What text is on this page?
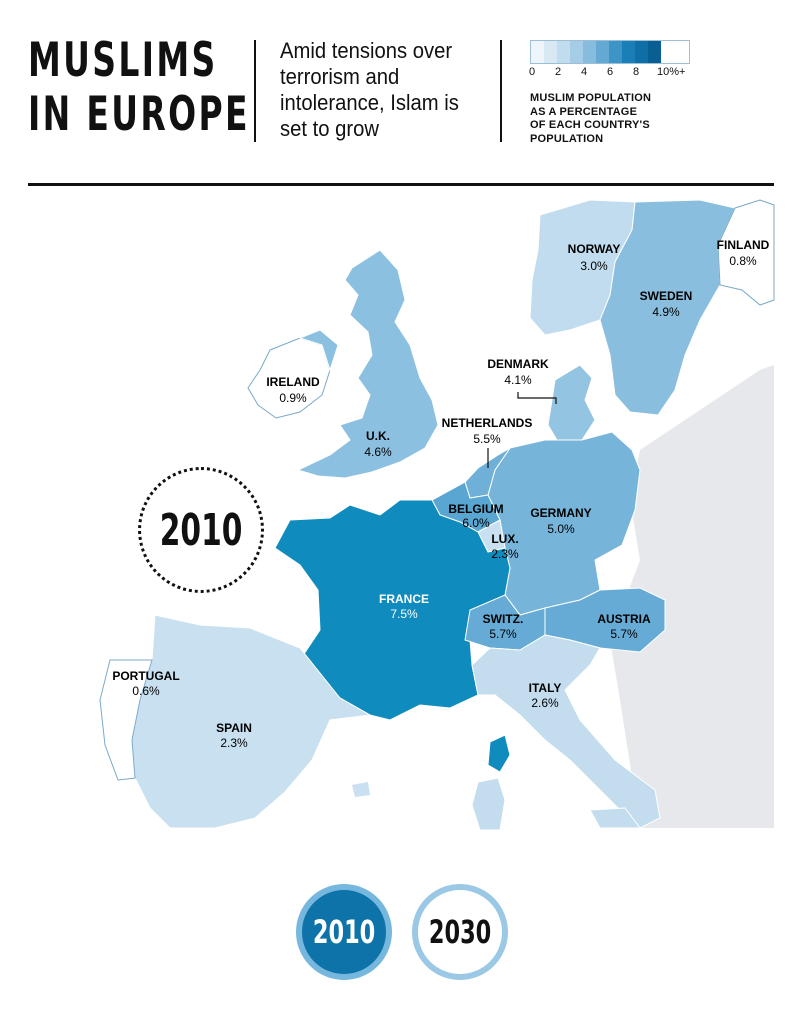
MUSLIMS
IN EUROPE
Amid tensions over terrorism and intolerance, Islam is set to grow
0 2 4 6 8 10%+
MUSLIM POPULATION
AS A PERCENTAGE
OF EACH COUNTRY'S
POPULATION
NORWAY
3.0%
FINLAND
0.8%
SWEDEN
4.9%
DENMARK
4.1%
IRELAND
0.9%
U.K.
4.6%
NETHERLANDS
5.5%
BELGIUM
6.0%
GERMANY
5.0%
LUX.
2.3%
FRANCE
7.5%	SWITZ.
5.7%
AUSTRIA
5.7%
PORTUGAL
0.6%
SPAIN
2.3%
ITALY
2.6%
2010
2010 2030
